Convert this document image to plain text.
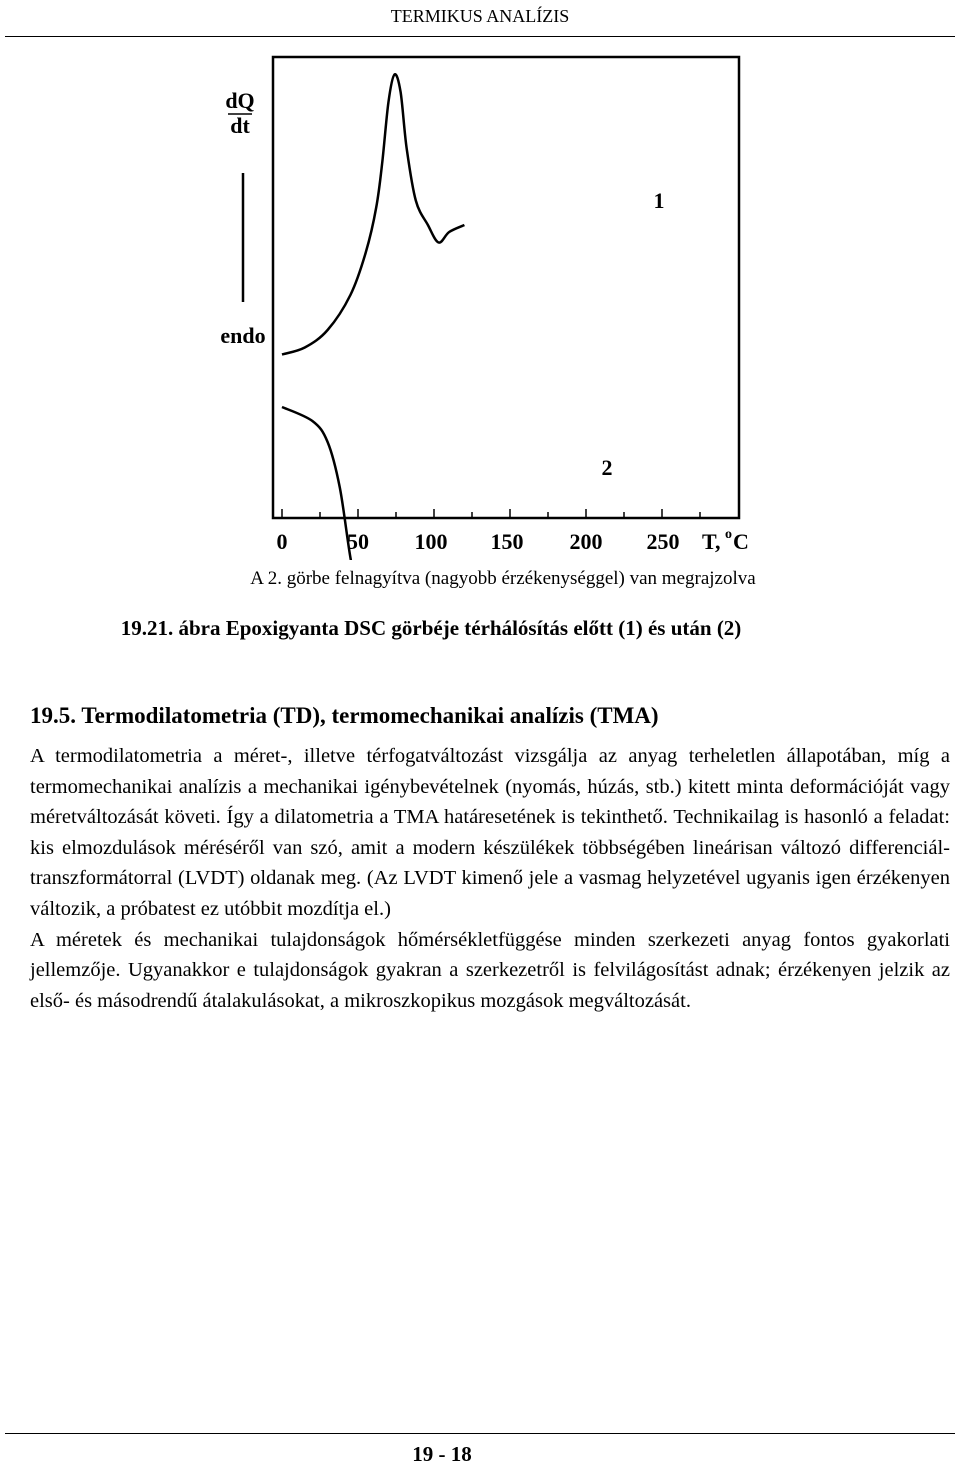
TERMIKUS ANALÍZIS
dQ
dt
endo
1
2
0	50 100 150 200 250 T, o C
A 2. görbe felnagyítva (nagyobb érzékenységgel) van megrajzolva
19.21. ábra Epoxigyanta DSC görbéje térhálósítás előtt (1) és után (2)
19.5. Termodilatometria (TD), termomechanikai analízis (TMA)

A termodilatometria a méret-, illetve térfogatváltozást vizsgálja az anyag terheletlen állapotában, míg a termomechanikai analízis a mechanikai igénybevételnek (nyomás, húzás, stb.) kitett minta deformációját vagy méretváltozását követi. Így a dilatometria a TMA határesetének is tekinthető. Technikailag is hasonló a feladat: kis elmozdulások méréséről van szó, amit a modern készülékek többségében lineárisan változó differenciál-transzformátorral (LVDT) oldanak meg. (Az LVDT kimenő jele a vasmag helyzetével ugyanis igen érzékenyen változik, a próbatest ez utóbbit mozdítja el.)

A méretek és mechanikai tulajdonságok hőmérsékletfüggése minden szerkezeti anyag fontos gyakorlati jellemzője. Ugyanakkor e tulajdonságok gyakran a szerkezetről is felvilágosítást adnak; érzékenyen jelzik az első- és másodrendű átalakulásokat, a mikroszkopikus mozgások megváltozását.

19 - 18
